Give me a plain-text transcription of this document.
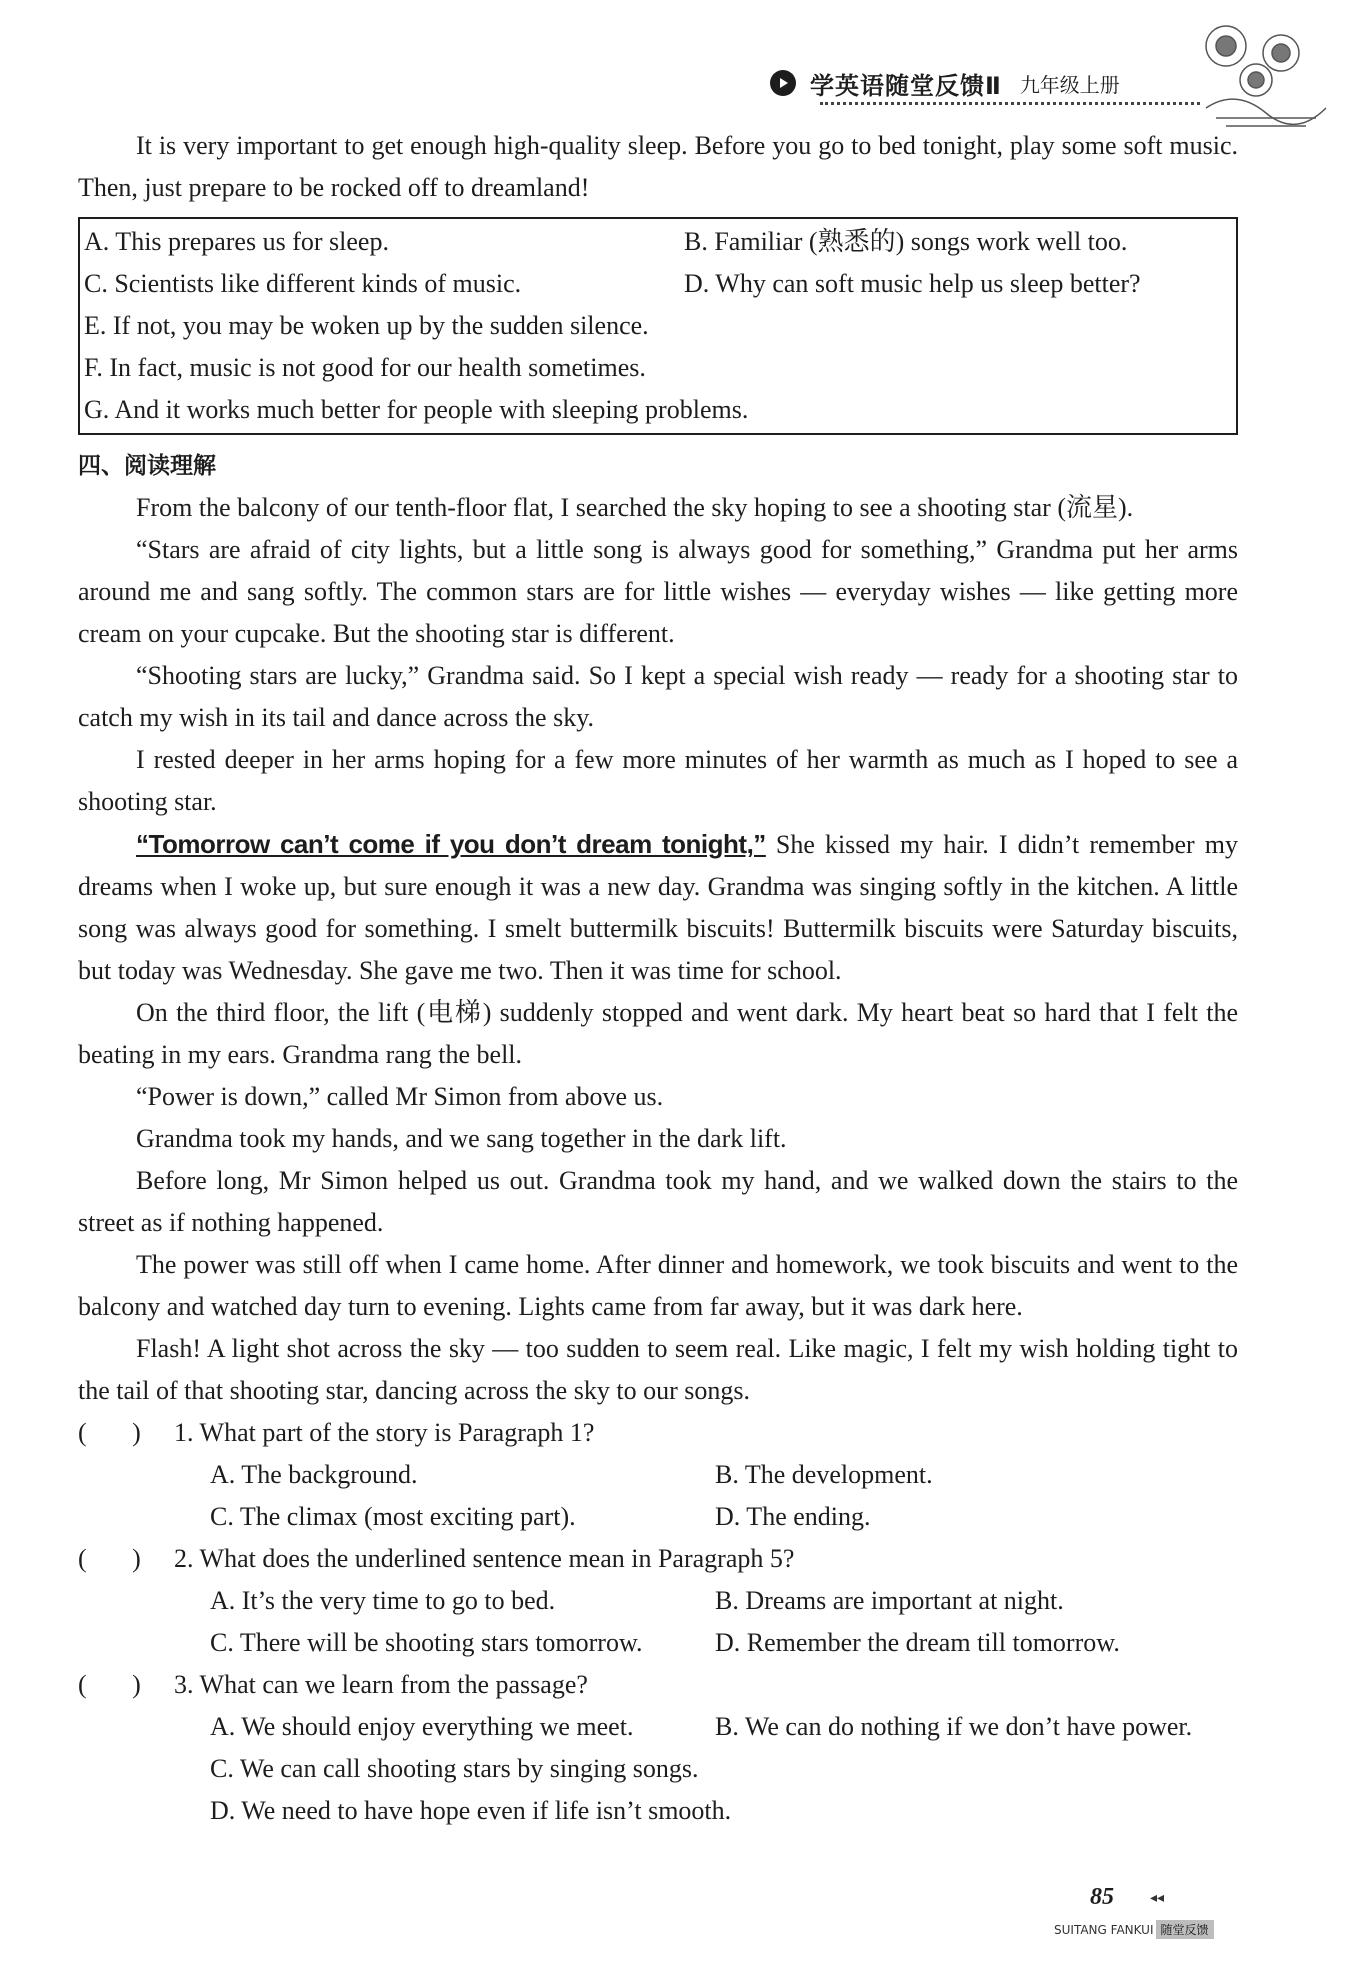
学英语随堂反馈Ⅱ 九年级上册

It is very important to get enough high-quality sleep. Before you go to bed tonight, play some soft music. Then, just prepare to be rocked off to dreamland!

A. This prepares us for sleep.	B. Familiar (熟悉的) songs work well too.
C. Scientists like different kinds of music.	D. Why can soft music help us sleep better?
E. If not, you may be woken up by the sudden silence.
F. In fact, music is not good for our health sometimes.
G. And it works much better for people with sleeping problems.
四、阅读理解

From the balcony of our tenth-floor flat, I searched the sky hoping to see a shooting star (流星).

“Stars are afraid of city lights, but a little song is always good for something,” Grandma put her arms around me and sang softly. The common stars are for little wishes — everyday wishes — like getting more cream on your cupcake. But the shooting star is different.

“Shooting stars are lucky,” Grandma said. So I kept a special wish ready — ready for a shooting star to catch my wish in its tail and dance across the sky.

I rested deeper in her arms hoping for a few more minutes of her warmth as much as I hoped to see a shooting star.

“Tomorrow can’t come if you don’t dream tonight,” She kissed my hair. I didn’t remember my dreams when I woke up, but sure enough it was a new day. Grandma was singing softly in the kitchen. A little song was always good for something. I smelt buttermilk biscuits! Buttermilk biscuits were Saturday biscuits, but today was Wednesday. She gave me two. Then it was time for school.

On the third floor, the lift (电梯) suddenly stopped and went dark. My heart beat so hard that I felt the beating in my ears. Grandma rang the bell.

“Power is down,” called Mr Simon from above us.

Grandma took my hands, and we sang together in the dark lift.

Before long, Mr Simon helped us out. Grandma took my hand, and we walked down the stairs to the street as if nothing happened.

The power was still off when I came home. After dinner and homework, we took biscuits and went to the balcony and watched day turn to evening. Lights came from far away, but it was dark here.

Flash! A light shot across the sky — too sudden to seem real. Like magic, I felt my wish holding tight to the tail of that shooting star, dancing across the sky to our songs.

(       )	1. What part of the story is Paragraph 1?
A. The background.	B. The development.
C. The climax (most exciting part).	D. The ending.
(       )	2. What does the underlined sentence mean in Paragraph 5?
A. It’s the very time to go to bed.	B. Dreams are important at night.
C. There will be shooting stars tomorrow.	D. Remember the dream till tomorrow.
(       )	3. What can we learn from the passage?
A. We should enjoy everything we meet.	B. We can do nothing if we don’t have power.
C. We can call shooting stars by singing songs.
D. We need to have hope even if life isn’t smooth.
85	◂◂
SUITANG FANKUI 随堂反馈
